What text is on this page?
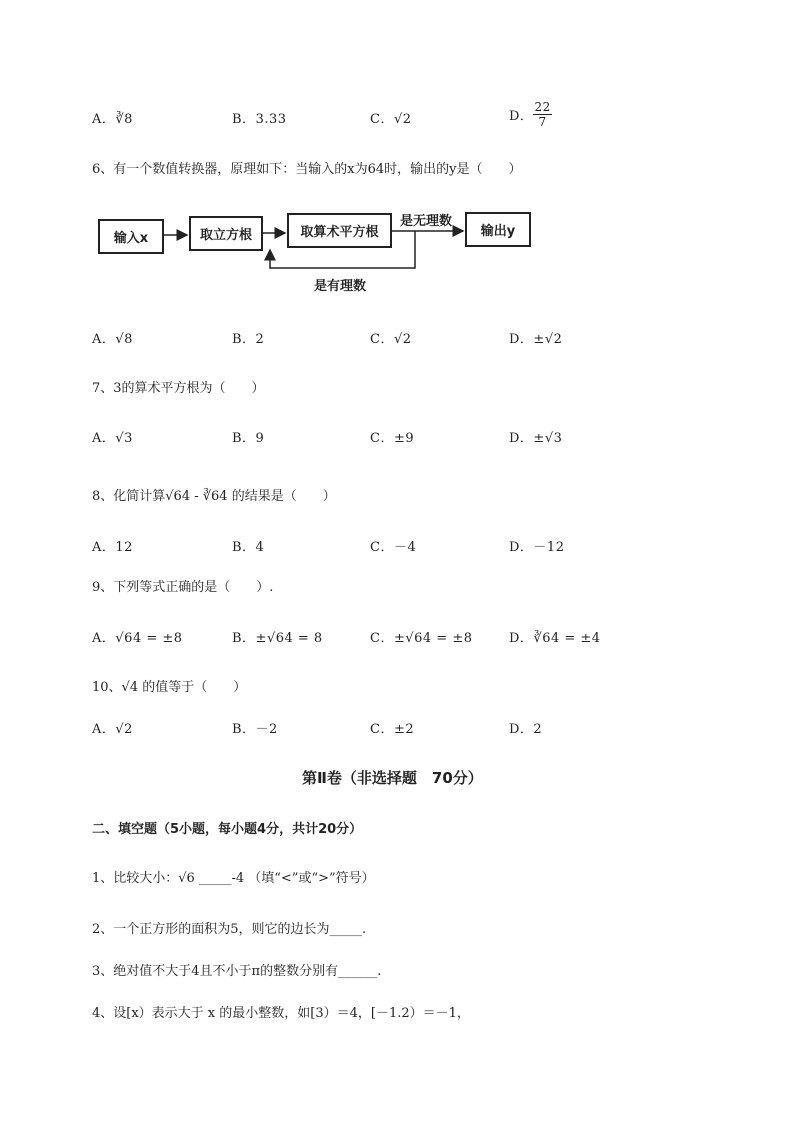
A．∛8	B．3.33	C．√2	D． $\frac{22}{7}$
6、有一个数值转换器，原理如下：当输入的x为64时，输出的y是（　　）
输入x	取立方根	取算术平方根	输出y
是无理数
是有理数
A．√8	B．2	C．√2	D．±√2
7、3的算术平方根为（　　）
A．√3	B．9	C．±9	D．±√3
8、化简计算√64 - ∛64 的结果是（　　）
A．12	B．4	C．－4	D．－12
9、下列等式正确的是（　　）.
A．√64 = ±8	B．±√64 = 8	C．±√64 = ±8	D．∛64 = ±4
10、√4 的值等于（　　）
A．√2	B．－2	C．±2	D．2
第Ⅱ卷（非选择题　70分）
二、填空题（5小题，每小题4分，共计20分）
1、比较大小：√6 _____-4 （填“<”或“>”符号）
2、一个正方形的面积为5，则它的边长为_____.
3、绝对值不大于4且不小于π的整数分别有______.
4、设[x）表示大于 x 的最小整数，如[3）＝4，[－1.2）＝－1，
